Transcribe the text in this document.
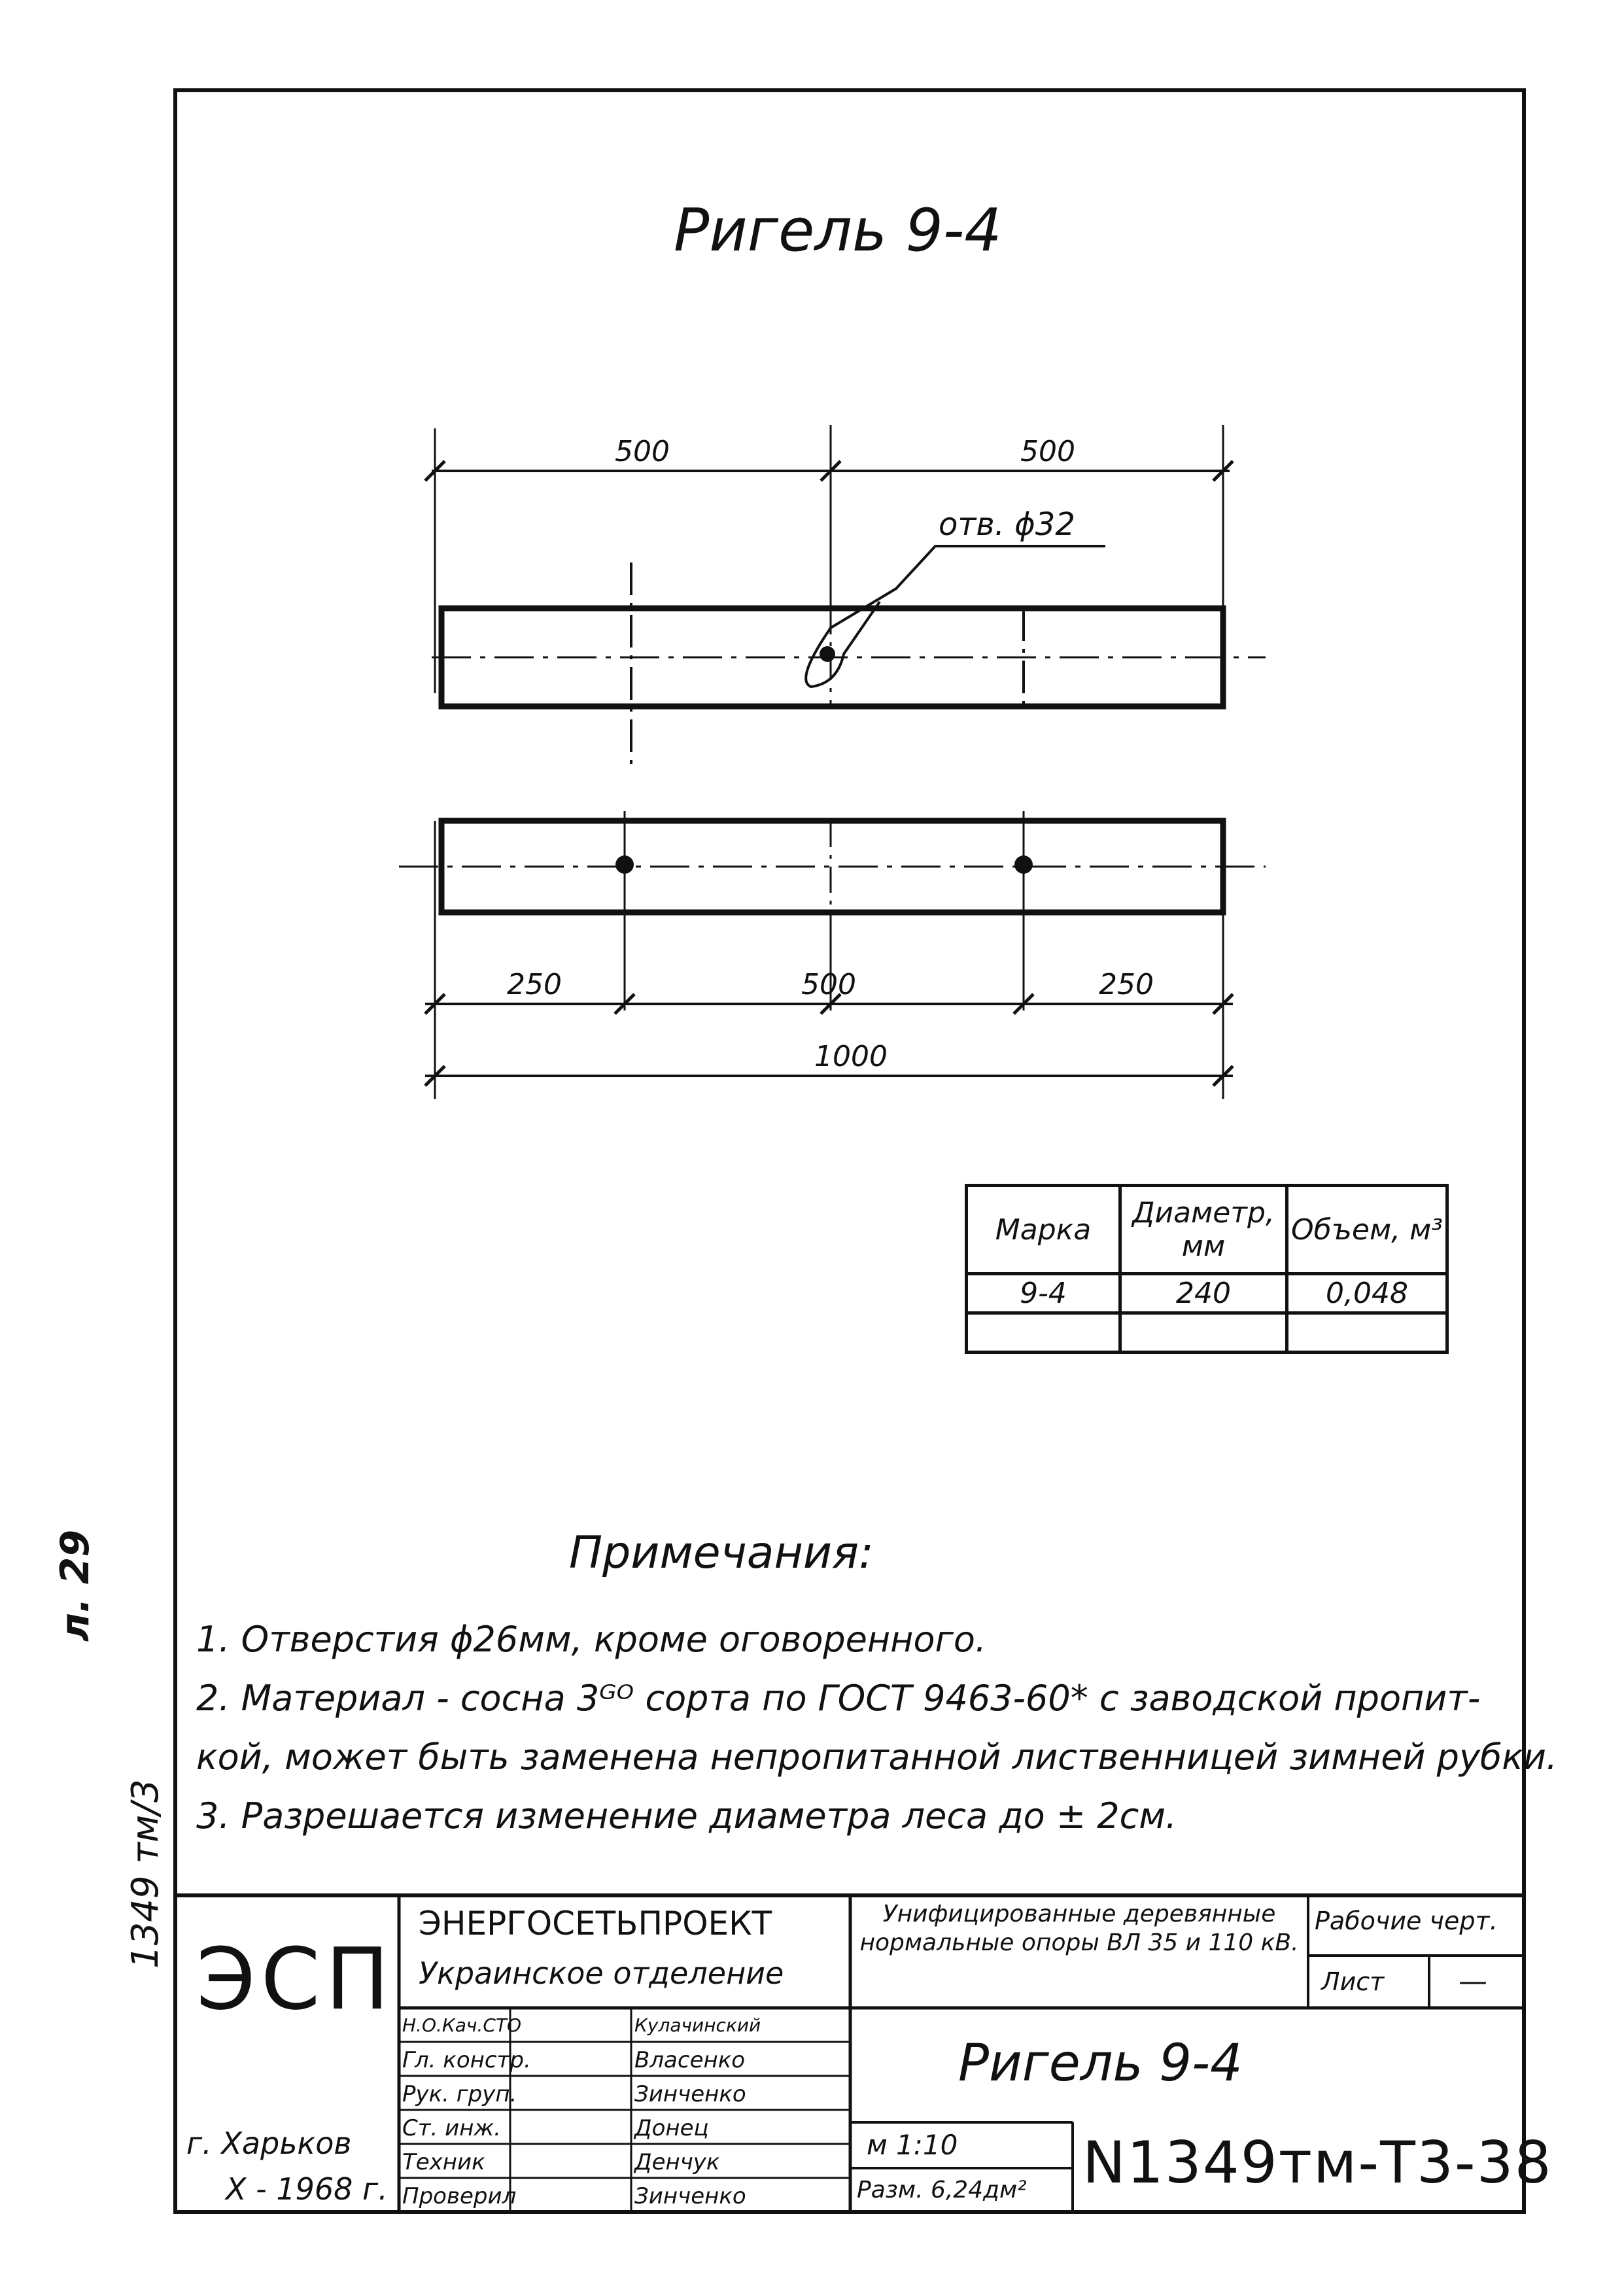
Ригель 9-4
500	500
отв. ϕ32
250	500	250
1000
Марка	Диаметр, мм	Объем, м³
9-4	240	0,048

Примечания:
1. Отверстия ϕ26мм, кроме оговоренного.
2. Материал - сосна 3ᴳᴼ сорта по ГОСТ 9463-60* с заводской пропит-
кой, может быть заменена непропитанной лиственницей зимней рубки.
3. Разрешается изменение диаметра леса до ± 2см.
л. 29
1349 тм/3
ЭСП
ЭНЕРГОСЕТЬПРОЕКТ
Украинское отделение
г. Харьков
X - 1968 г.
Н.О.Кач.СТО	Кулачинский
Гл. констр.	Власенко
Рук. груп.	Зинченко
Ст. инж.	Донец
Техник	Денчук
Проверил	Зинченко
Унифицированные деревянные нормальные опоры ВЛ 35 и 110 кВ.
Рабочие черт.
Лист	—
Ригель 9-4
м 1:10
Разм. 6,24дм² N1349тм-Т3-38
